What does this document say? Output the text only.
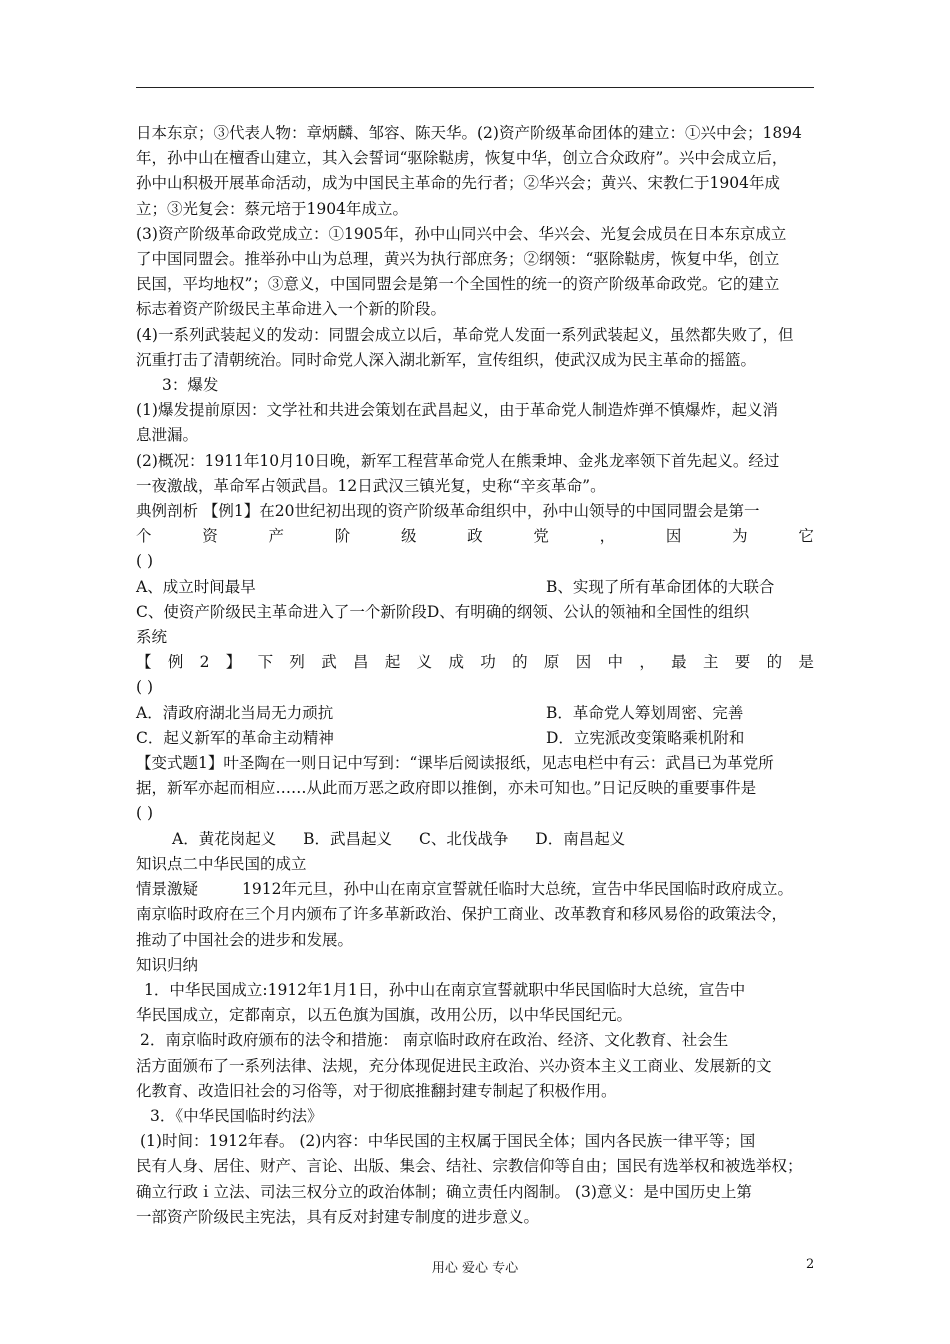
日本东京；③代表人物：章炳麟、邹容、陈天华。(2)资产阶级革命团体的建立：①兴中会；1894

年，孙中山在檀香山建立，其入会誓词“驱除鞑虏，恢复中华，创立合众政府”。兴中会成立后，

孙中山积极开展革命活动，成为中国民主革命的先行者；②华兴会；黄兴、宋教仁于1904年成

立；③光复会：蔡元培于1904年成立。

(3)资产阶级革命政党成立：①1905年，孙中山同兴中会、华兴会、光复会成员在日本东京成立

了中国同盟会。推举孙中山为总理，黄兴为执行部庶务；②纲领：“驱除鞑虏，恢复中华，创立

民国，平均地权”；③意义，中国同盟会是第一个全国性的统一的资产阶级革命政党。它的建立

标志着资产阶级民主革命进入一个新的阶段。

(4)一系列武装起义的发动：同盟会成立以后，革命党人发面一系列武装起义，虽然都失败了，但

沉重打击了清朝统治。同时命党人深入湖北新军，宣传组织，使武汉成为民主革命的摇篮。

3：爆发

(1)爆发提前原因：文学社和共进会策划在武昌起义，由于革命党人制造炸弹不慎爆炸，起义消

息泄漏。

(2)概况：1911年10月10日晚，新军工程营革命党人在熊秉坤、金兆龙率领下首先起义。经过

一夜激战，革命军占领武昌。12日武汉三镇光复，史称“辛亥革命”。

典例剖析 【例1】在20世纪初出现的资产阶级革命组织中，孙中山领导的中国同盟会是第一

个	资	产	阶	级	政	党	，	因	为	它

( )

A、成立时间最早	B、实现了所有革命团体的大联合

C、使资产阶级民主革命进入了一个新阶段D、有明确的纲领、公认的领袖和全国性的组织

系统

【 例 2 】 下 列 武 昌 起 义 成 功 的 原 因 中 ， 最 主 要 的 是

( )

A．清政府湖北当局无力顽抗	B．革命党人筹划周密、完善
C．起义新军的革命主动精神	D．立宪派改变策略乘机附和

【变式题1】叶圣陶在一则日记中写到：“课毕后阅读报纸，见志电栏中有云：武昌已为革党所

据，新军亦起而相应……从此而万恶之政府即以推倒，亦未可知也。”日记反映的重要事件是

( )

A．黄花岗起义 B．武昌起义 C、北伐战争 D．南昌起义

知识点二中华民国的成立

情景激疑	1912年元旦，孙中山在南京宣誓就任临时大总统，宣告中华民国临时政府成立。

南京临时政府在三个月内颁布了许多革新政治、保护工商业、改革教育和移风易俗的政策法令，

推动了中国社会的进步和发展。

知识归纳

1．中华民国成立:1912年1月1日，孙中山在南京宣誓就职中华民国临时大总统，宣告中

华民国成立，定都南京，以五色旗为国旗，改用公历，以中华民国纪元。

2．南京临时政府颁布的法令和措施： 南京临时政府在政治、经济、文化教育、社会生

活方面颁布了一系列法律、法规，充分体现促进民主政治、兴办资本主义工商业、发展新的文

化教育、改造旧社会的习俗等，对于彻底推翻封建专制起了积极作用。

3．《中华民国临时约法》

(1)时间：1912年春。 (2)内容：中华民国的主权属于国民全体；国内各民族一律平等；国

民有人身、居住、财产、言论、出版、集会、结社、宗教信仰等自由；国民有选举权和被选举权；

确立行政ｉ立法、司法三权分立的政治体制；确立责任内阁制。 (3)意义：是中国历史上第

一部资产阶级民主宪法，具有反对封建专制度的进步意义。

用心 爱心 专心	2
